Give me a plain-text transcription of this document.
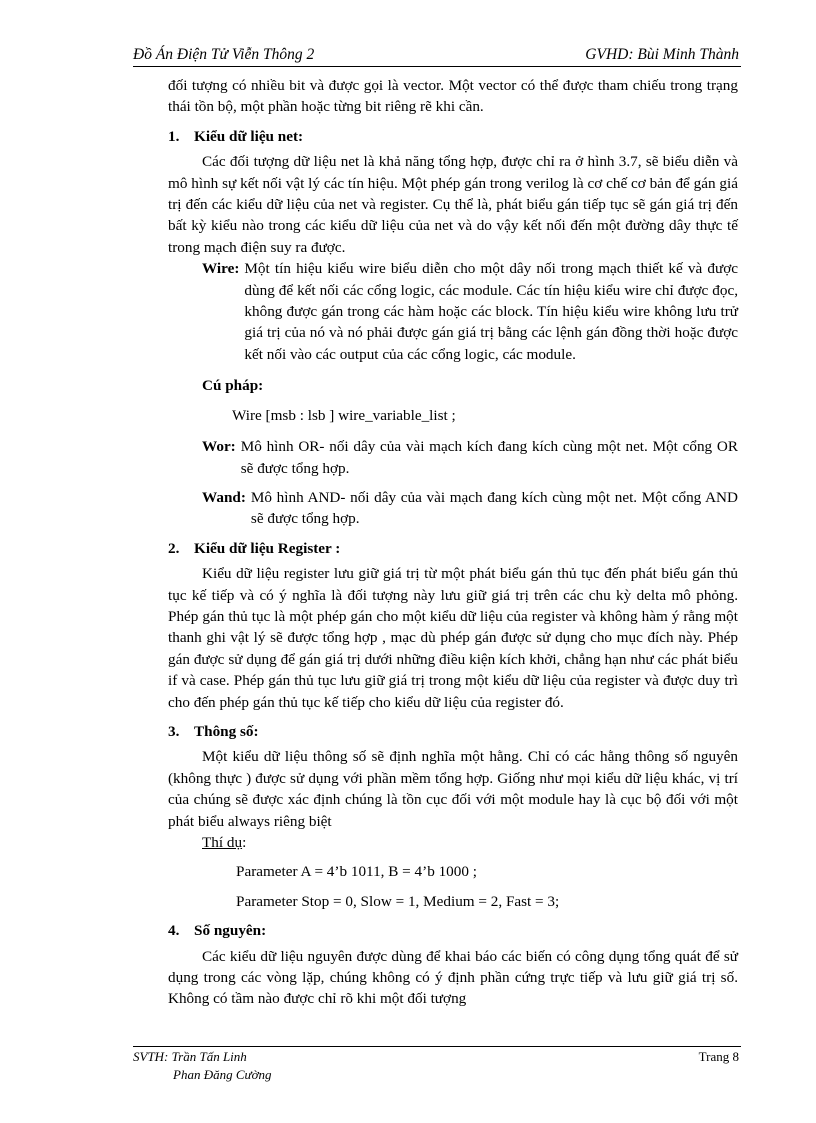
Đồ Án Điện Tử Viễn Thông 2	GVHD: Bùi Minh Thành

đối tượng có nhiều bit và được gọi là vector. Một vector có thể được tham chiếu trong trạng thái tồn bộ, một phần hoặc từng bit riêng rẽ khi cần.

1. Kiểu dữ liệu net:

Các đối tượng dữ liệu net là khả năng tổng hợp, được chỉ ra ở hình 3.7, sẽ biểu diễn và mô hình sự kết nối vật lý các tín hiệu. Một phép gán trong verilog là cơ chế cơ bản để gán giá trị đến các kiểu dữ liệu của net và register. Cụ thể là, phát biểu gán tiếp tục sẽ gán giá trị đến bất kỳ kiểu nào trong các kiểu dữ liệu của net và do vậy kết nối đến một đường dây thực tế trong mạch điện suy ra được.

Wire: Một tín hiệu kiểu wire biểu diễn cho một dây nối trong mạch thiết kế và được dùng để kết nối các cổng logic, các module. Các tín hiệu kiểu wire chỉ được đọc, không được gán trong các hàm hoặc các block. Tín hiệu kiểu wire không lưu trử giá trị của nó và nó phải được gán giá trị bằng các lệnh gán đồng thời hoặc được kết nối vào các output của các cổng logic, các module.
Cú pháp:
Wire [msb : lsb ] wire_variable_list ;
Wor: Mô hình OR- nối dây của vài mạch kích đang kích cùng một net. Một cổng OR sẽ được tổng hợp.
Wand: Mô hình AND- nối dây của vài mạch đang kích cùng một net. Một cổng AND sẽ được tổng hợp.
2. Kiểu dữ liệu Register :

Kiểu dữ liệu register lưu giữ giá trị từ một phát biểu gán thủ tục đến phát biểu gán thủ tục kế tiếp và có ý nghĩa là đối tượng này lưu giữ giá trị trên các chu kỳ delta mô phỏng. Phép gán thủ tục là một phép gán cho một kiểu dữ liệu của register và không hàm ý rằng một thanh ghi vật lý sẽ được tổng hợp , mạc dù phép gán được sử dụng cho mục đích này. Phép gán được sử dụng để gán giá trị dưới những điều kiện kích khởi, chẳng hạn như các phát biểu if và case. Phép gán thủ tục lưu giữ giá trị trong một kiểu dữ liệu của register và được duy trì cho đến phép gán thủ tục kế tiếp cho kiểu dữ liệu của register đó.

3. Thông số:

Một kiểu dữ liệu thông số sẽ định nghĩa một hằng. Chỉ có các hằng thông số nguyên (không thực ) được sử dụng với phần mềm tổng hợp. Giống như mọi kiểu dữ liệu khác, vị trí của chúng sẽ được xác định chúng là tồn cục đối với một module hay là cục bộ đối với một phát biểu always riêng biệt

Thí dụ:
Parameter A = 4’b 1011, B = 4’b 1000 ;
Parameter Stop = 0, Slow = 1, Medium = 2, Fast = 3;
4. Số nguyên:

Các kiểu dữ liệu nguyên được dùng để khai báo các biến có công dụng tổng quát để sử dụng trong các vòng lặp, chúng không có ý định phần cứng trực tiếp và lưu giữ giá trị số. Không có tầm nào được chỉ rõ khi một đối tượng

SVTH: Trần Tấn Linh
Phan Đăng Cường
Trang 8
